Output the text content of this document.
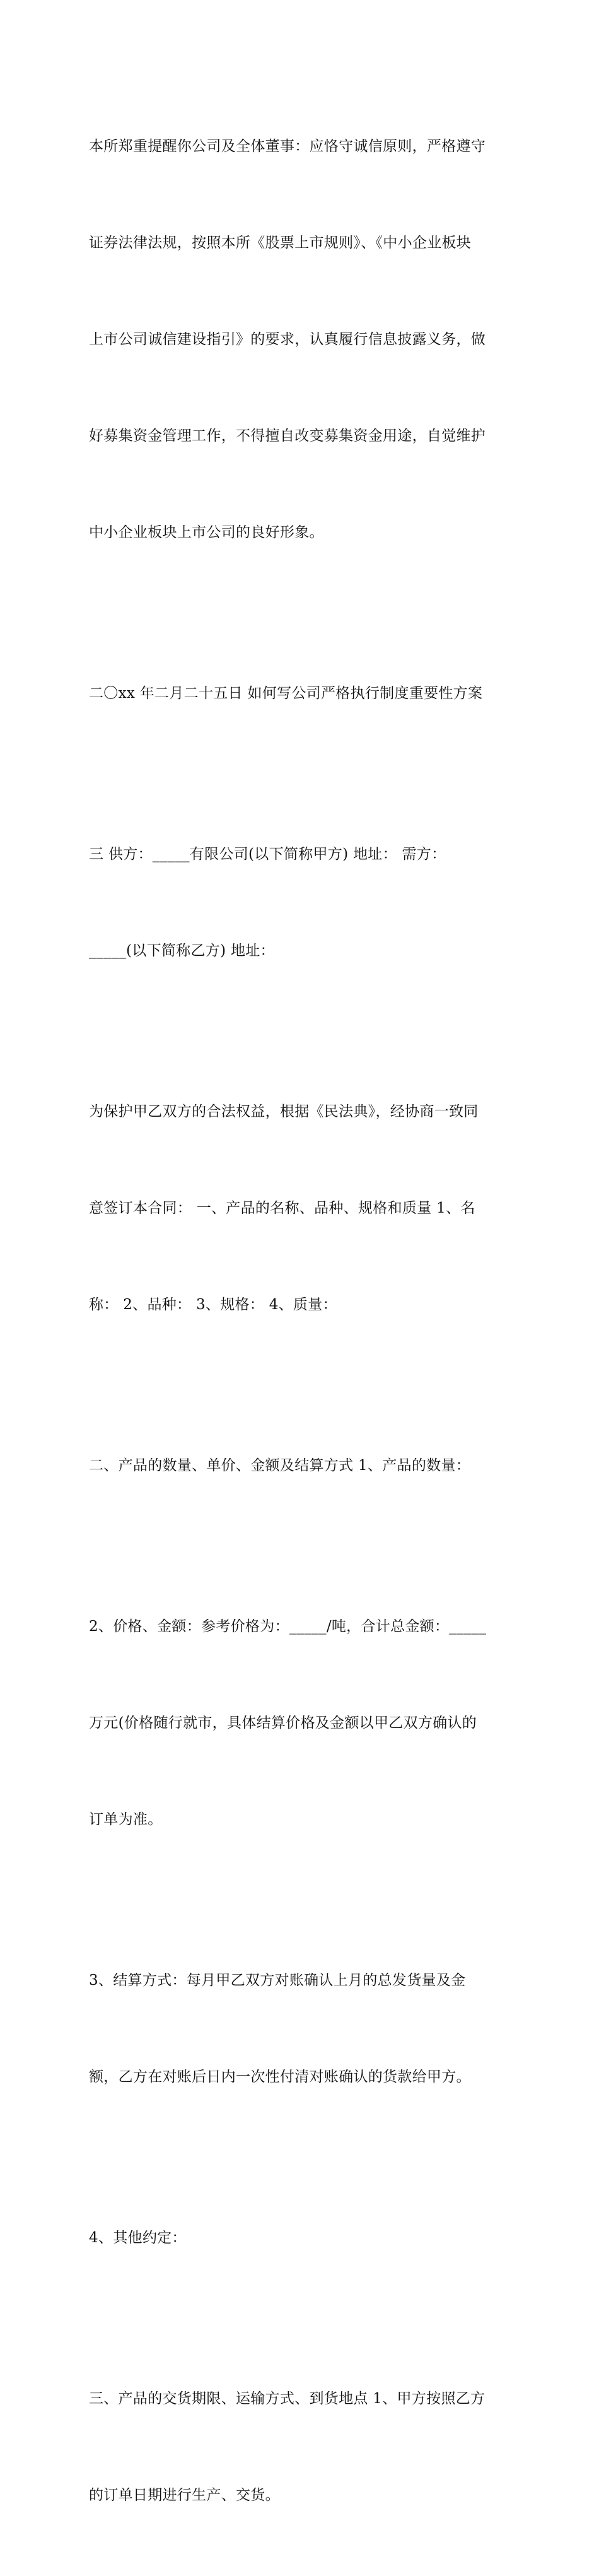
本所郑重提醒你公司及全体董事：应恪守诚信原则，严格遵守

证券法律法规，按照本所《股票上市规则》、《中小企业板块

上市公司诚信建设指引》的要求，认真履行信息披露义务，做

好募集资金管理工作，不得擅自改变募集资金用途，自觉维护

中小企业板块上市公司的良好形象。

二〇xx 年二月二十五日 如何写公司严格执行制度重要性方案

三 供方：_____有限公司(以下简称甲方) 地址： 需方：

_____(以下简称乙方) 地址：

为保护甲乙双方的合法权益，根据《民法典》，经协商一致同

意签订本合同： 一、产品的名称、品种、规格和质量 1、名

称： 2、品种： 3、规格： 4、质量：

二、产品的数量、单价、金额及结算方式 1、产品的数量：

2、价格、金额：参考价格为：_____/吨，合计总金额：_____

万元(价格随行就市，具体结算价格及金额以甲乙双方确认的

订单为准。

3、结算方式：每月甲乙双方对账确认上月的总发货量及金

额，乙方在对账后日内一次性付清对账确认的货款给甲方。

4、其他约定：

三、产品的交货期限、运输方式、到货地点 1、甲方按照乙方

的订单日期进行生产、交货。
